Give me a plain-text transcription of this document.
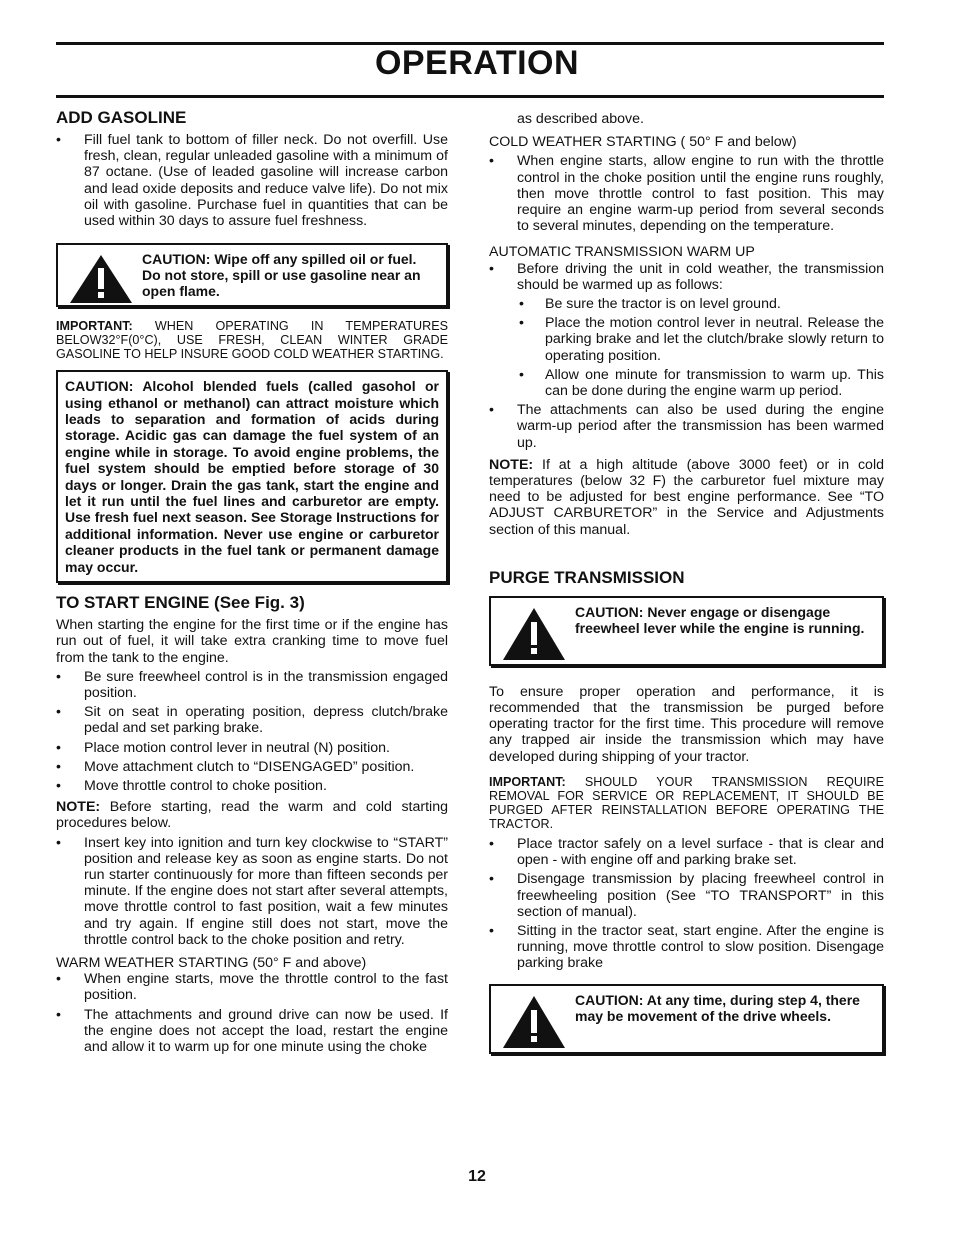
OPERATION
ADD GASOLINE
• Fill fuel tank to bottom of filler neck. Do not overfill. Use fresh, clean, regular unleaded gasoline with a minimum of 87 octane. (Use of leaded gasoline will increase carbon and lead oxide deposits and reduce valve life). Do not mix oil with gasoline. Purchase fuel in quantities that can be used within 30 days to assure fuel freshness.
CAUTION: Wipe off any spilled oil or fuel. Do not store, spill or use gasoline near an open flame.

IMPORTANT: WHEN OPERATING IN TEMPERATURES BELOW32°F(0°C), USE FRESH, CLEAN WINTER GRADE GASOLINE TO HELP INSURE GOOD COLD WEATHER STARTING.

CAUTION: Alcohol blended fuels (called gasohol or using ethanol or methanol) can attract moisture which leads to separation and formation of acids during storage. Acidic gas can damage the fuel system of an engine while in storage. To avoid engine problems, the fuel system should be emptied before storage of 30 days or longer. Drain the gas tank, start the engine and let it run until the fuel lines and carburetor are empty. Use fresh fuel next season. See Storage Instructions for additional information. Never use engine or carburetor cleaner products in the fuel tank or permanent damage may occur.
TO START ENGINE (See Fig. 3)

When starting the engine for the first time or if the engine has run out of fuel, it will take extra cranking time to move fuel from the tank to the engine.

• Be sure freewheel control is in the transmission engaged position.
• Sit on seat in operating position, depress clutch/brake pedal and set parking brake.
• Place motion control lever in neutral (N) position.
• Move attachment clutch to “DISENGAGED” position.
• Move throttle control to choke position.

NOTE: Before starting, read the warm and cold starting procedures below.

• Insert key into ignition and turn key clockwise to “START” position and release key as soon as engine starts. Do not run starter continuously for more than fifteen seconds per minute. If the engine does not start after several attempts, move throttle control to fast position, wait a few minutes and try again. If engine still does not start, move the throttle control back to the choke position and retry.

WARM WEATHER STARTING (50° F and above)

• When engine starts, move the throttle control to the fast position.
• The attachments and ground drive can now be used. If the engine does not accept the load, restart the engine and allow it to warm up for one minute using the choke

as described above.

COLD WEATHER STARTING ( 50° F and below)

• When engine starts, allow engine to run with the throttle control in the choke position until the engine runs roughly, then move throttle control to fast position. This may require an engine warm-up period from several seconds to several minutes, depending on the temperature.

AUTOMATIC TRANSMISSION WARM UP

• Before driving the unit in cold weather, the transmission should be warmed up as follows:
• Be sure the tractor is on level ground.
• Place the motion control lever in neutral. Release the parking brake and let the clutch/brake slowly return to operating position.
• Allow one minute for transmission to warm up. This can be done during the engine warm up period.
• The attachments can also be used during the engine warm-up period after the transmission has been warmed up.

NOTE: If at a high altitude (above 3000 feet) or in cold temperatures (below 32 F) the carburetor fuel mixture may need to be adjusted for best engine performance. See “TO ADJUST CARBURETOR” in the Service and Adjustments section of this manual.

PURGE TRANSMISSION
CAUTION: Never engage or disengage freewheel lever while the engine is running.

To ensure proper operation and performance, it is recommended that the transmission be purged before operating tractor for the first time. This procedure will remove any trapped air inside the transmission which may have developed during shipping of your tractor.

IMPORTANT: SHOULD YOUR TRANSMISSION REQUIRE REMOVAL FOR SERVICE OR REPLACEMENT, IT SHOULD BE PURGED AFTER REINSTALLATION BEFORE OPERATING THE TRACTOR.

• Place tractor safely on a level surface - that is clear and open - with engine off and parking brake set.
• Disengage transmission by placing freewheel control in freewheeling position (See “TO TRANSPORT” in this section of manual).
• Sitting in the tractor seat, start engine. After the engine is running, move throttle control to slow position. Disengage parking brake
CAUTION: At any time, during step 4, there may be movement of the drive wheels.
12
